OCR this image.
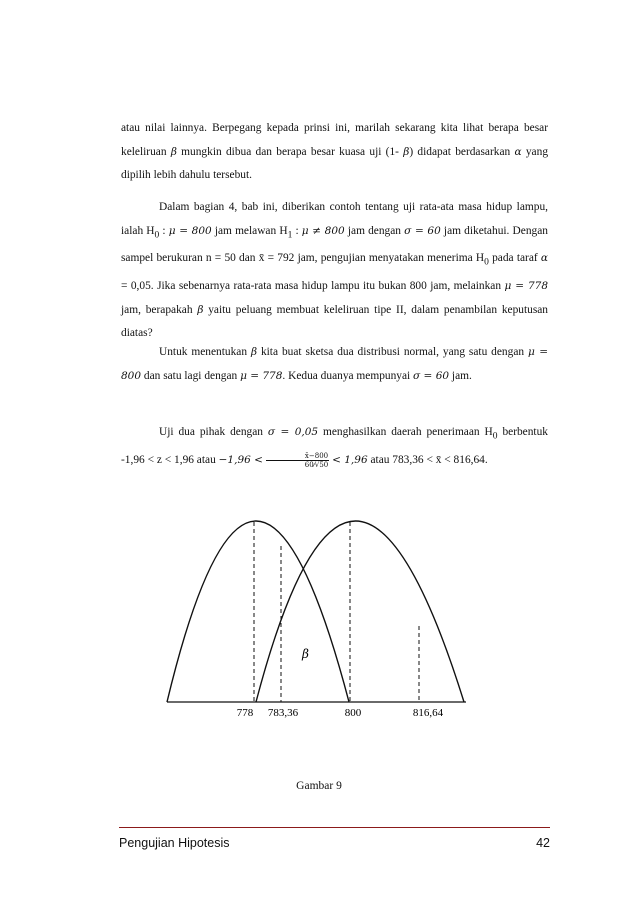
atau nilai lainnya. Berpegang kepada prinsi ini, marilah sekarang kita lihat berapa besar keleliruan β mungkin dibua dan berapa besar kuasa uji (1- β) didapat berdasarkan α yang dipilih lebih dahulu tersebut.

Dalam bagian 4, bab ini, diberikan contoh tentang uji rata-ata masa hidup lampu, ialah $H_0$ : μ = 800 jam melawan $H_1$ : μ ≠ 800 jam dengan σ = 60 jam diketahui. Dengan sampel berukuran n = 50 dan x̄ = 792 jam, pengujian menyatakan menerima $H_0$ pada taraf α = 0,05. Jika sebenarnya rata-rata masa hidup lampu itu bukan 800 jam, melainkan μ = 778 jam, berapakah β yaitu peluang membuat keleliruan tipe II, dalam penambilan keputusan diatas?

Untuk menentukan β kita buat sketsa dua distribusi normal, yang satu dengan μ = 800 dan satu lagi dengan μ = 778. Kedua duanya mempunyai σ = 60 jam.

Uji dua pihak dengan σ = 0,05 menghasilkan daerah penerimaan $H_0$ berbentuk -1,96 < z < 1,96 atau $-1,96 < \frac{x̄-800}{60⁄√50} < 1,96$ atau 783,36 < x̄ < 816,64.

β
778 783,36	800	816,64
Gambar 9
Pengujian Hipotesis	42
